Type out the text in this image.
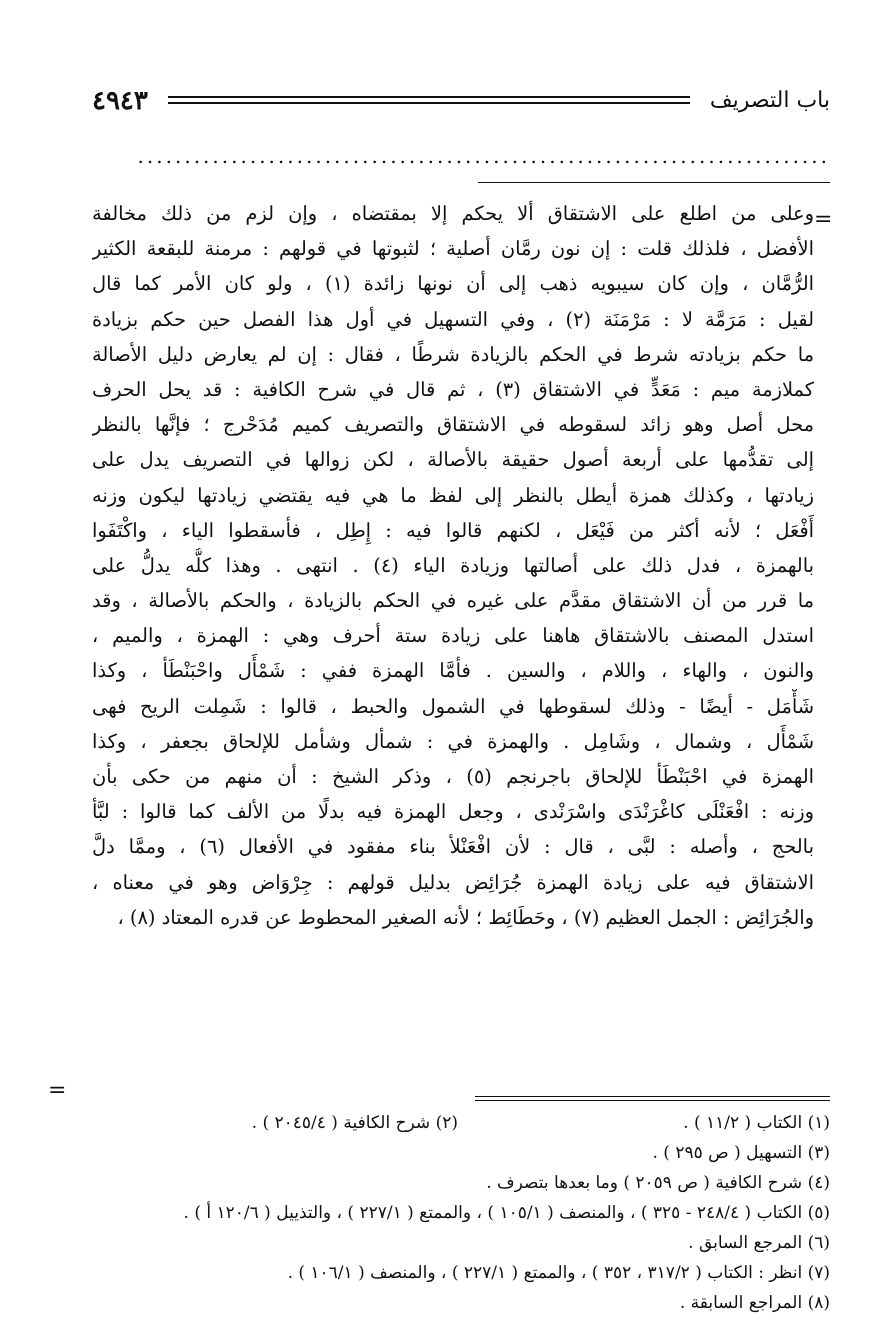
باب التصريف
٤٩٤٣
..........................................................................
=
وعلى من اطلع على الاشتقاق ألا يحكم إلا بمقتضاه ، وإن لزم من ذلك مخالفة
الأفضل ، فلذلك قلت : إن نون رمَّان أصلية ؛ لثبوتها في قولهم : مرمنة للبقعة الكثير
الرُّمَّان ، وإن كان سيبويه ذهب إلى أن نونها زائدة (١) ، ولو كان الأمر كما قال
لقيل : مَرَمَّة لا : مَرْمَنَة (٢) ، وفي التسهيل في أول هذا الفصل حين حكم بزيادة
ما حكم بزيادته شرط في الحكم بالزيادة شرطًا ، فقال : إن لم يعارض دليل الأصالة
كملازمة ميم : مَعَدٍّ في الاشتقاق (٣) ، ثم قال في شرح الكافية : قد يحل الحرف
محل أصل وهو زائد لسقوطه في الاشتقاق والتصريف كميم مُدَحْرج ؛ فإنَّها بالنظر
إلى تقدُّمها على أربعة أصول حقيقة بالأصالة ، لكن زوالها في التصريف يدل على
زيادتها ، وكذلك همزة أيطل بالنظر إلى لفظ ما هي فيه يقتضي زيادتها ليكون وزنه
أَفْعَل ؛ لأنه أكثر من فَيْعَل ، لكنهم قالوا فيه : إِطِل ، فأسقطوا الياء ، واكْتَفَوا
بالهمزة ، فدل ذلك على أصالتها وزيادة الياء (٤) . انتهى . وهذا كلُّه يدلُّ على
ما قرر من أن الاشتقاق مقدَّم على غيره في الحكم بالزيادة ، والحكم بالأصالة ، وقد
استدل المصنف بالاشتقاق هاهنا على زيادة ستة أحرف وهي : الهمزة ، والميم ،
والنون ، والهاء ، واللام ، والسين . فأمَّا الهمزة ففي : شَمْأَل واحْبَنْطَأ ، وكذا
شَأْمَل - أيضًا - وذلك لسقوطها في الشمول والحبط ، قالوا : شَمِلت الريح فهى
شَمْأَل ، وشمال ، وشَامِل . والهمزة في : شمأل وشأمل للإلحاق بجعفر ، وكذا
الهمزة في احْبَنْطَأ للإلحاق باجرنجم (٥) ، وذكر الشيخ : أن منهم من حكى بأن
وزنه : افْعَنْلَى كاغْرَنْدَى واسْرَنْدى ، وجعل الهمزة فيه بدلًا من الألف كما قالوا : لبَّأ
بالحج ، وأصله : لبَّى ، قال : لأن افْعَنْلأ بناء مفقود في الأفعال (٦) ، وممَّا دلَّ
الاشتقاق فيه على زيادة الهمزة جُرَائِض بدليل قولهم : جِرْوَاض وهو في معناه ،
والجُرَائِض : الجمل العظيم (٧) ، وحَطَائِط ؛ لأنه الصغير المحطوط عن قدره المعتاد (٨) ،
=
(١) الكتاب ( ١١/٢ ) .
(٢) شرح الكافية ( ٢٠٤٥/٤ ) .
(٣) التسهيل ( ص ٢٩٥ ) .
(٤) شرح الكافية ( ص ٢٠٥٩ ) وما بعدها بتصرف .
(٥) الكتاب ( ٢٤٨/٤ - ٣٢٥ ) ، والمنصف ( ١٠٥/١ ) ، والممتع ( ٢٢٧/١ ) ، والتذييل ( ١٢٠/٦ أ ) .
(٦) المرجع السابق .
(٧) انظر : الكتاب ( ٣١٧/٢ ، ٣٥٢ ) ، والممتع ( ٢٢٧/١ ) ، والمنصف ( ١٠٦/١ ) .
(٨) المراجع السابقة .
